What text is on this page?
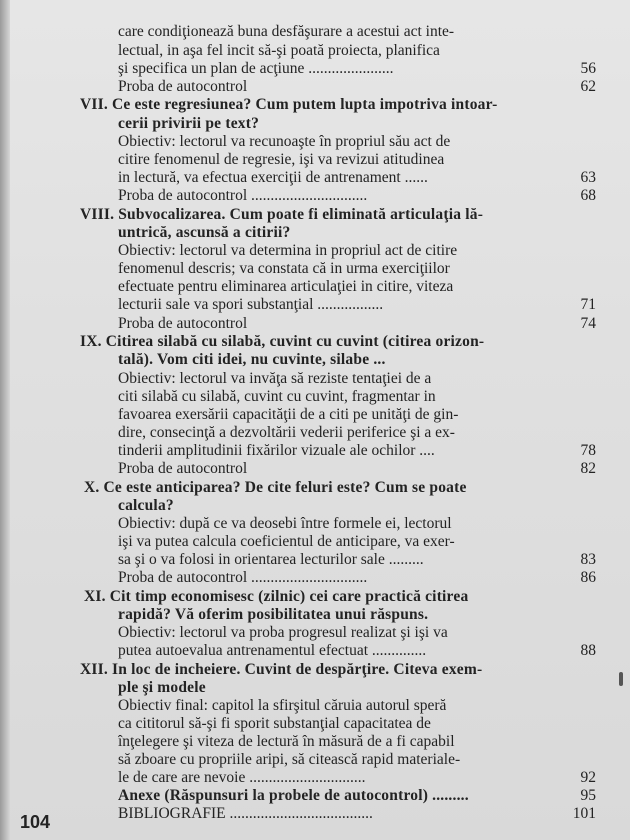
care condiţionează buna desfăşurare a acestui act inte-
lectual, in aşa fel incit să-şi poată proiecta, planifica
şi specifica un plan de acţiune ......................
Proba de autocontrol
VII. Ce este regresiunea? Cum putem lupta impotriva intoar-
cerii privirii pe text?
Obiectiv: lectorul va recunoaşte în propriul său act de
citire fenomenul de regresie, işi va revizui atitudinea
in lectură, va efectua exerciţii de antrenament ......
Proba de autocontrol ..............................
VIII. Subvocalizarea. Cum poate fi eliminată articulaţia lă-
untrică, ascunsă a citirii?
Obiectiv: lectorul va determina in propriul act de citire
fenomenul descris; va constata că in urma exerciţiilor
efectuate pentru eliminarea articulaţiei in citire, viteza
lecturii sale va spori substanţial .................
Proba de autocontrol
IX. Citirea silabă cu silabă, cuvint cu cuvint (citirea orizon-
tală). Vom citi idei, nu cuvinte, silabe ...
Obiectiv: lectorul va invăţa să reziste tentaţiei de a
citi silabă cu silabă, cuvint cu cuvint, fragmentar in
favoarea exersării capacităţii de a citi pe unităţi de gin-
dire, consecinţă a dezvoltării vederii periferice şi a ex-
tinderii amplitudinii fixărilor vizuale ale ochilor ....
Proba de autocontrol
X. Ce este anticiparea? De cite feluri este? Cum se poate
calcula?
Obiectiv: după ce va deosebi între formele ei, lectorul
işi va putea calcula coeficientul de anticipare, va exer-
sa şi o va folosi in orientarea lecturilor sale .........
Proba de autocontrol ..............................
XI. Cit timp economisesc (zilnic) cei care practică citirea
rapidă? Vă oferim posibilitatea unui răspuns.
Obiectiv: lectorul va proba progresul realizat şi işi va
putea autoevalua antrenamentul efectuat ..............
XII. In loc de incheiere. Cuvint de despărţire. Citeva exem-
ple şi modele
Obiectiv final: capitol la sfirşitul căruia autorul speră
ca cititorul să-şi fi sporit substanţial capacitatea de
înţelegere şi viteza de lectură în măsură de a fi capabil
să zboare cu propriile aripi, să citească rapid materiale-
le de care are nevoie ..............................
Anexe (Răspunsuri la probele de autocontrol) .........
BIBLIOGRAFIE .....................................
56
62
63
68
71
74
78
82
83
86
88
92
95
101
104
